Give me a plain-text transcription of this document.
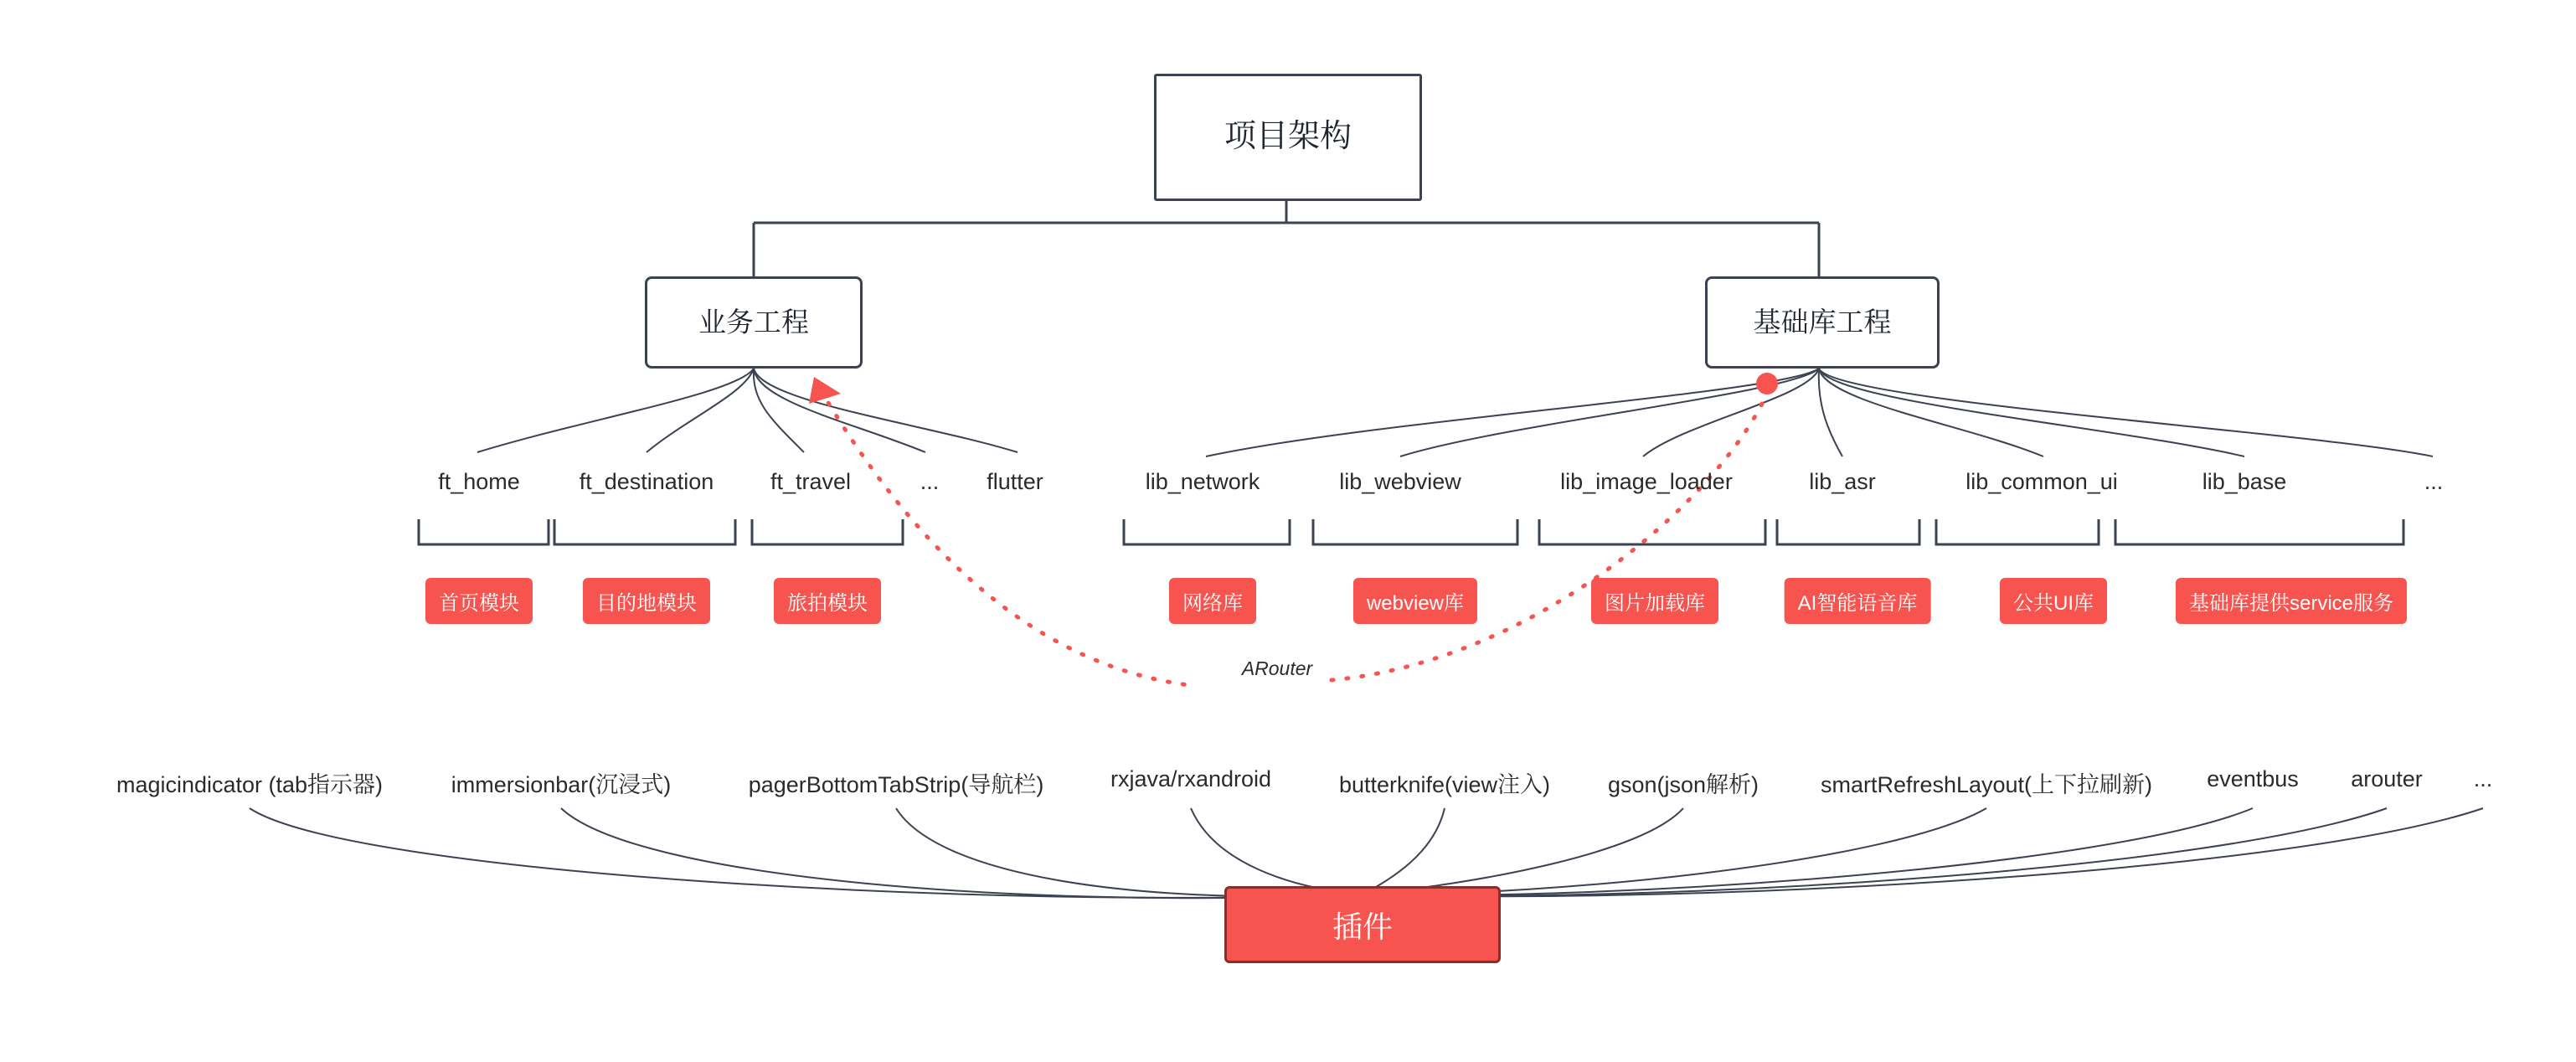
项目架构
业务工程	基础库工程
ft_home	ft_destination	ft_travel	... flutter	lib_network	lib_webview	lib_image_loader	lib_asr	lib_common_ui	lib_base	...
首页模块	目的地模块	旅拍模块	网络库	webview库	图片加载库	AI智能语音库	公共UI库	基础库提供service服务
ARouter
magicindicator (tab指示器)	immersionbar(沉浸式)	pagerBottomTabStrip(导航栏)	rxjava/rxandroid	butterknife(view注入)	gson(json解析)	smartRefreshLayout(上下拉刷新) eventbus arouter ...
插件
